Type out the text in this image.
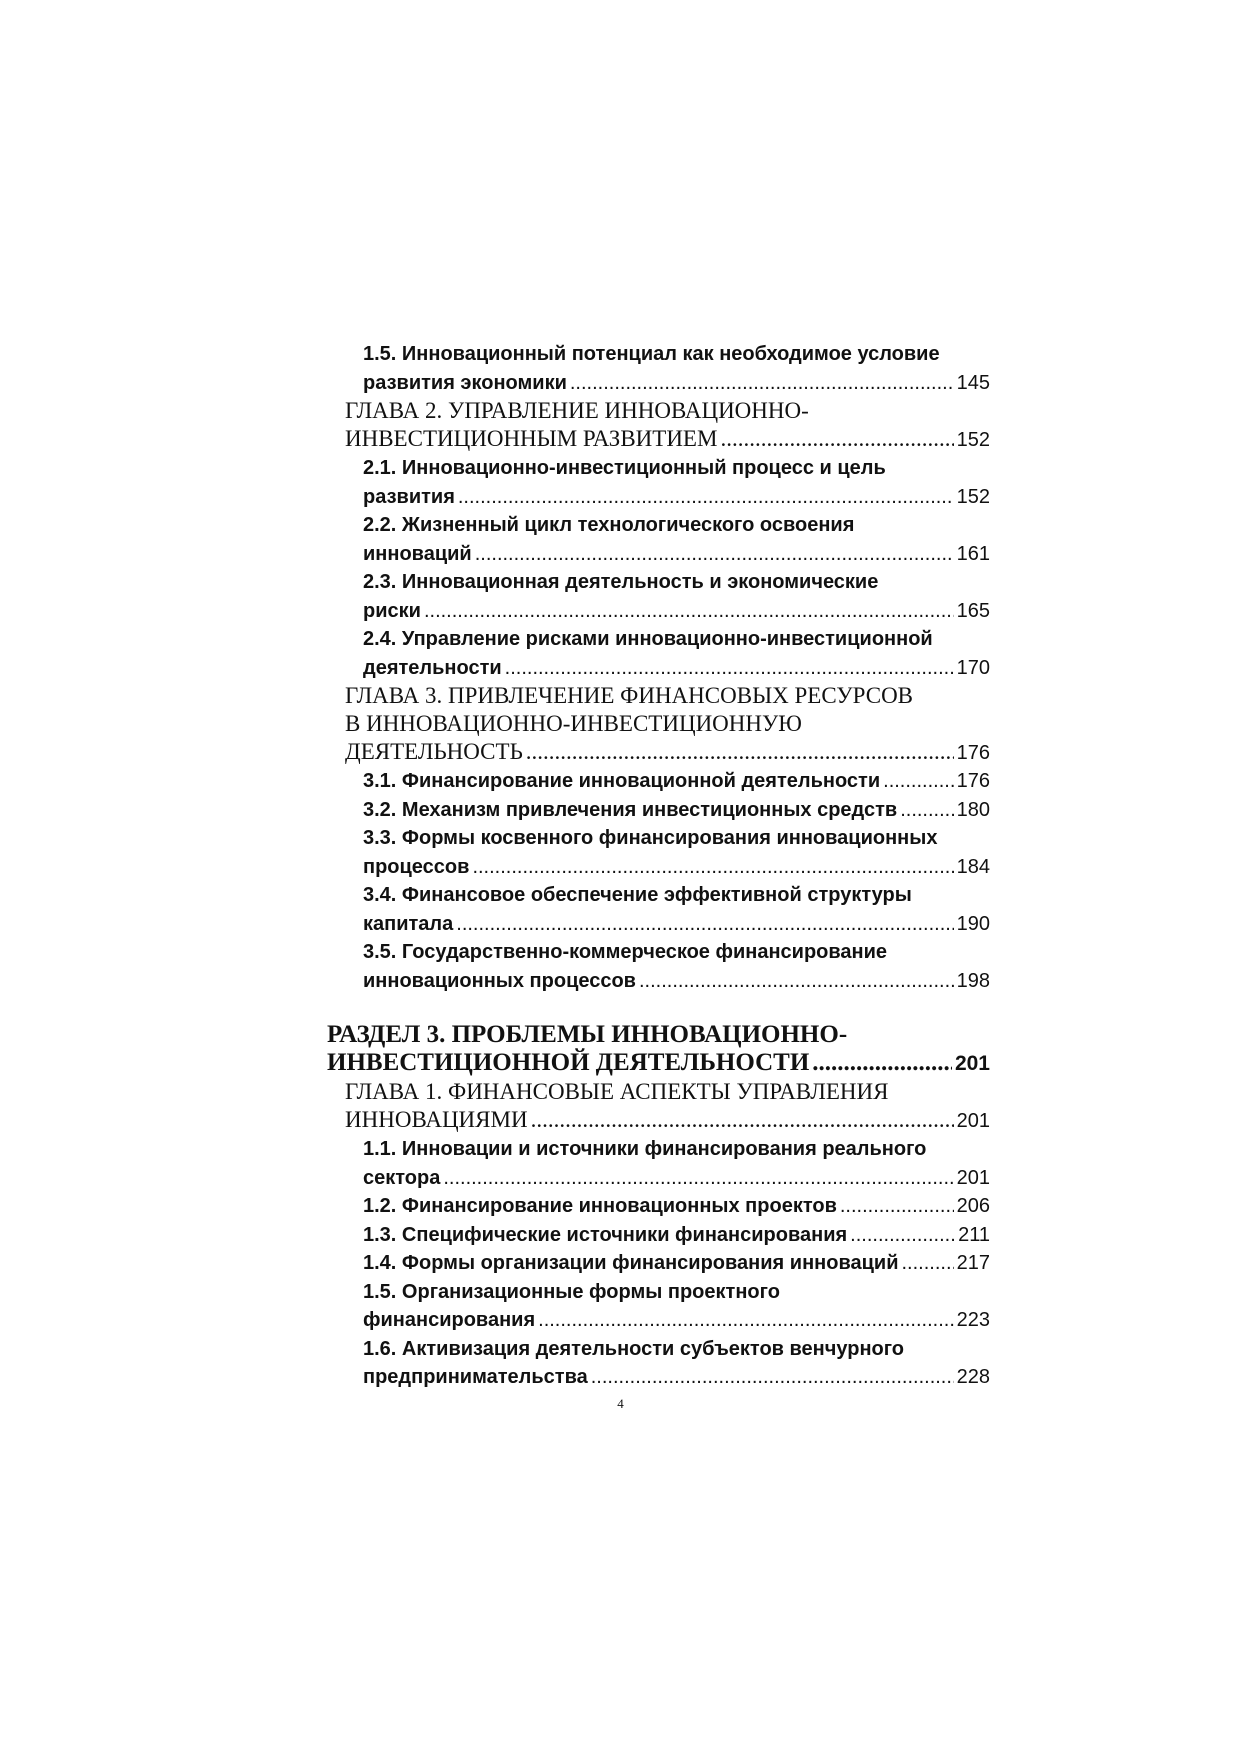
1.5. Инновационный потенциал как необходимое условие
развития экономики .....	145
ГЛАВА 2. УПРАВЛЕНИЕ ИННОВАЦИОННО-
ИНВЕСТИЦИОННЫМ РАЗВИТИЕМ .....	152
2.1. Инновационно-инвестиционный процесс и цель
развития .....	152
2.2. Жизненный цикл технологического освоения
инноваций .....	161
2.3. Инновационная деятельность и экономические
риски .....	165
2.4. Управление рисками инновационно-инвестиционной
деятельности .....	170
ГЛАВА 3. ПРИВЛЕЧЕНИЕ ФИНАНСОВЫХ РЕСУРСОВ
В ИННОВАЦИОННО-ИНВЕСТИЦИОННУЮ
ДЕЯТЕЛЬНОСТЬ .....	176
3.1. Финансирование инновационной деятельности .....	176
3.2. Механизм привлечения инвестиционных средств .....	180
3.3. Формы косвенного финансирования инновационных
процессов .....	184
3.4. Финансовое обеспечение эффективной структуры
капитала .....	190
3.5. Государственно-коммерческое финансирование
инновационных процессов .....	198
РАЗДЕЛ 3. ПРОБЛЕМЫ ИННОВАЦИОННО-
ИНВЕСТИЦИОННОЙ ДЕЯТЕЛЬНОСТИ .....	201
ГЛАВА 1. ФИНАНСОВЫЕ АСПЕКТЫ УПРАВЛЕНИЯ
ИННОВАЦИЯМИ .....	201
1.1. Инновации и источники финансирования реального
сектора .....	201
1.2. Финансирование инновационных проектов .....	206
1.3. Специфические источники финансирования .....	211
1.4. Формы организации финансирования инноваций .....	217
1.5. Организационные формы проектного
финансирования .....	223
1.6. Активизация деятельности субъектов венчурного
предпринимательства .....	228
4
